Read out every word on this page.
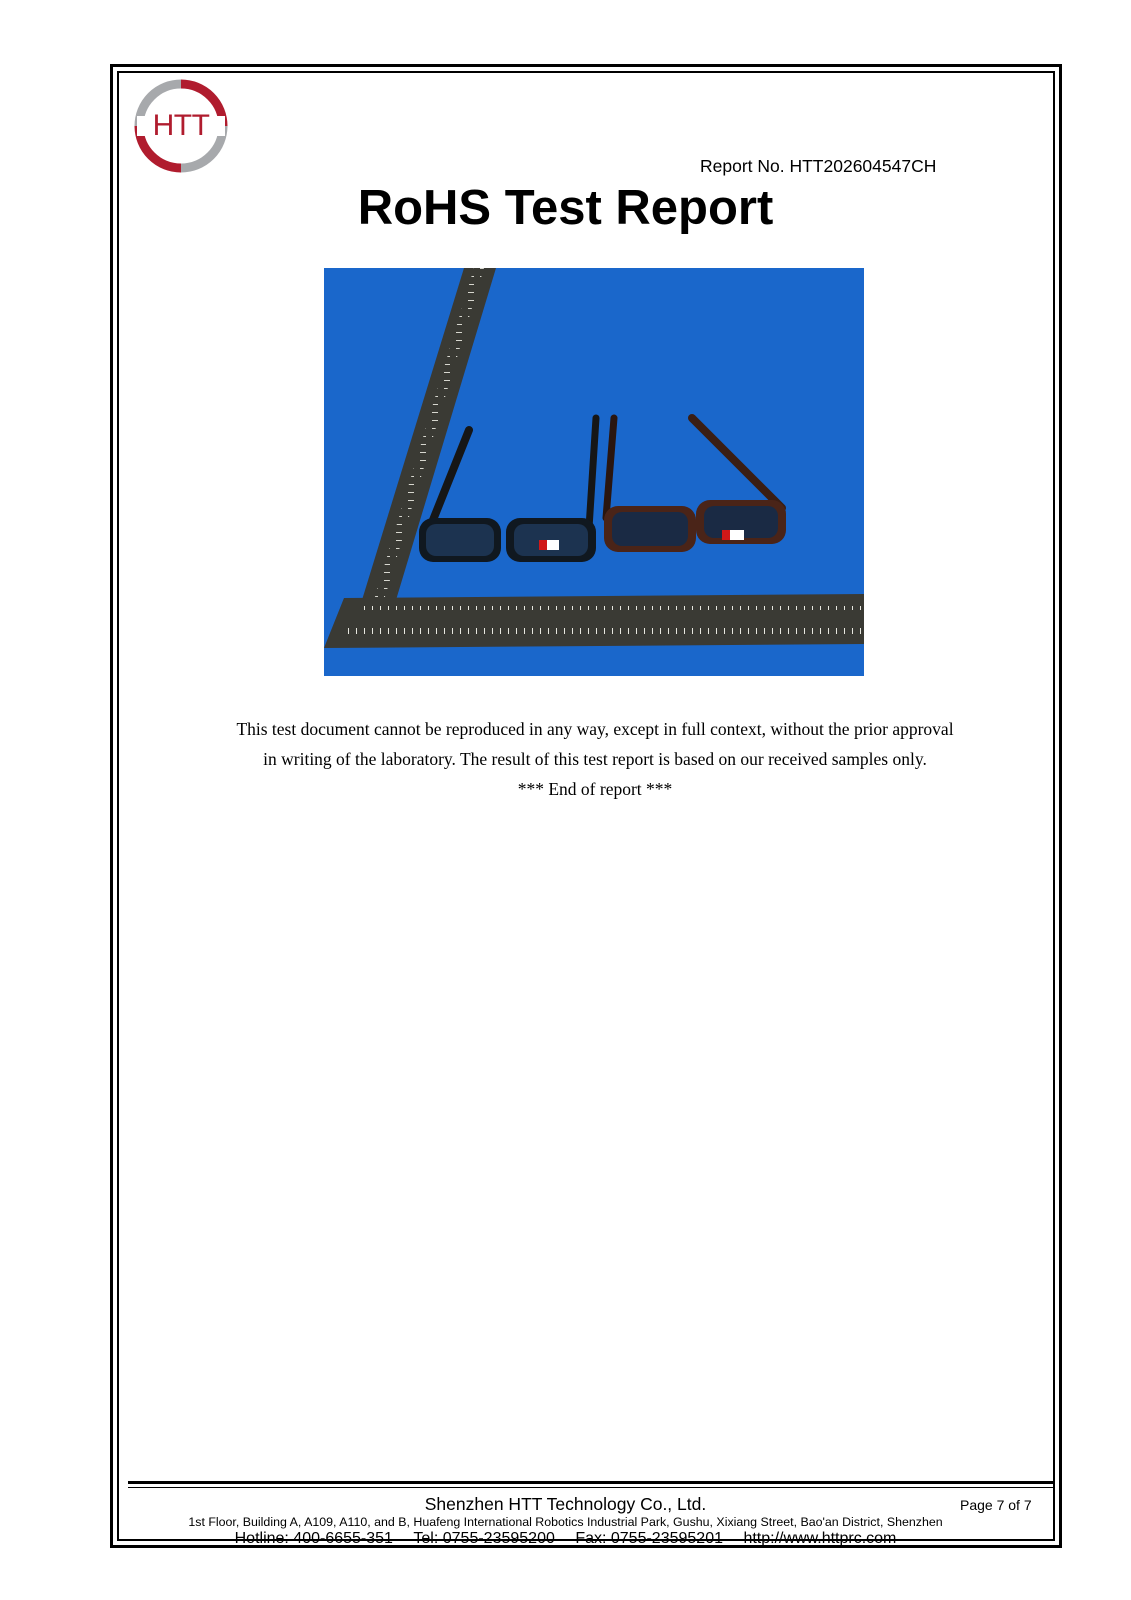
HTT
Report No. HTT202604547CH
RoHS Test Report
This test document cannot be reproduced in any way, except in full context, without the prior approval
in writing of the laboratory. The result of this test report is based on our received samples only.
*** End of report ***
Shenzhen HTT Technology Co., Ltd.	Page 7 of 7
1st Floor, Building A, A109, A110, and B, Huafeng International Robotics Industrial Park, Gushu, Xixiang Street, Bao'an District, Shenzhen
Hotline: 400-6655-351 Tel: 0755-23595200 Fax: 0755-23595201 http://www.httprc.com
